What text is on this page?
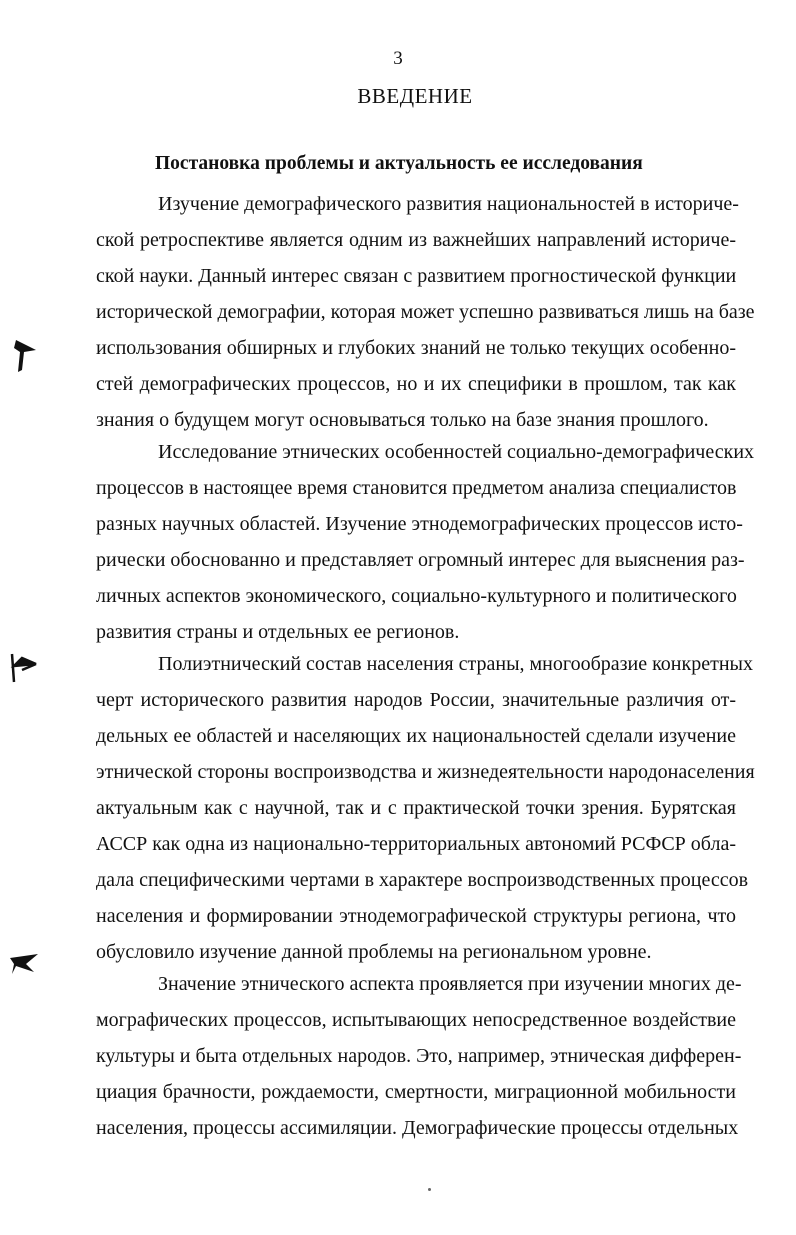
3
ВВЕДЕНИЕ
Постановка проблемы и актуальность ее исследования

Изучение демографического развития национальностей в историче-
ской ретроспективе является одним из важнейших направлений историче-
ской науки. Данный интерес связан с развитием прогностической функции
исторической демографии, которая может успешно развиваться лишь на базе
использования обширных и глубоких знаний не только текущих особенно-
стей демографических процессов, но и их специфики в прошлом, так как
знания о будущем могут основываться только на базе знания прошлого.

Исследование этнических особенностей социально-демографических
процессов в настоящее время становится предметом анализа специалистов
разных научных областей. Изучение этнодемографических процессов исто-
рически обоснованно и представляет огромный интерес для выяснения раз-
личных аспектов экономического, социально-культурного и политического
развития страны и отдельных ее регионов.

Полиэтнический состав населения страны, многообразие конкретных
черт исторического развития народов России, значительные различия от-
дельных ее областей и населяющих их национальностей сделали изучение
этнической стороны воспроизводства и жизнедеятельности народонаселения
актуальным как с научной, так и с практической точки зрения. Бурятская
АССР как одна из национально-территориальных автономий РСФСР обла-
дала специфическими чертами в характере воспроизводственных процессов
населения и формировании этнодемографической структуры региона, что
обусловило изучение данной проблемы на региональном уровне.

Значение этнического аспекта проявляется при изучении многих де-
мографических процессов, испытывающих непосредственное воздействие
культуры и быта отдельных народов. Это, например, этническая дифферен-
циация брачности, рождаемости, смертности, миграционной мобильности
населения, процессы ассимиляции. Демографические процессы отдельных
